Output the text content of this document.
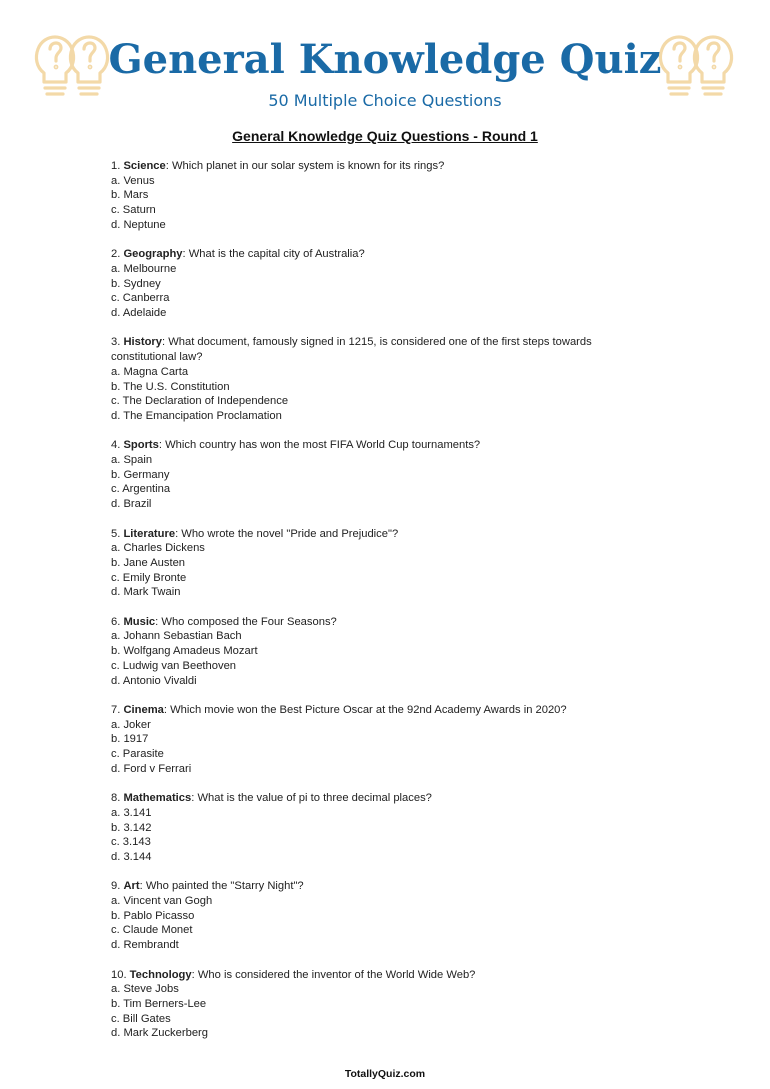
General Knowledge Quiz
50 Multiple Choice Questions
General Knowledge Quiz Questions - Round 1
1. Science: Which planet in our solar system is known for its rings?
a. Venus
b. Mars
c. Saturn
d. Neptune
2. Geography: What is the capital city of Australia?
a. Melbourne
b. Sydney
c. Canberra
d. Adelaide
3. History: What document, famously signed in 1215, is considered one of the first steps towards constitutional law?
a. Magna Carta
b. The U.S. Constitution
c. The Declaration of Independence
d. The Emancipation Proclamation
4. Sports: Which country has won the most FIFA World Cup tournaments?
a. Spain
b. Germany
c. Argentina
d. Brazil
5. Literature: Who wrote the novel "Pride and Prejudice"?
a. Charles Dickens
b. Jane Austen
c. Emily Bronte
d. Mark Twain
6. Music: Who composed the Four Seasons?
a. Johann Sebastian Bach
b. Wolfgang Amadeus Mozart
c. Ludwig van Beethoven
d. Antonio Vivaldi
7. Cinema: Which movie won the Best Picture Oscar at the 92nd Academy Awards in 2020?
a. Joker
b. 1917
c. Parasite
d. Ford v Ferrari
8. Mathematics: What is the value of pi to three decimal places?
a. 3.141
b. 3.142
c. 3.143
d. 3.144
9. Art: Who painted the "Starry Night"?
a. Vincent van Gogh
b. Pablo Picasso
c. Claude Monet
d. Rembrandt
10. Technology: Who is considered the inventor of the World Wide Web?
a. Steve Jobs
b. Tim Berners-Lee
c. Bill Gates
d. Mark Zuckerberg
TotallyQuiz.com
